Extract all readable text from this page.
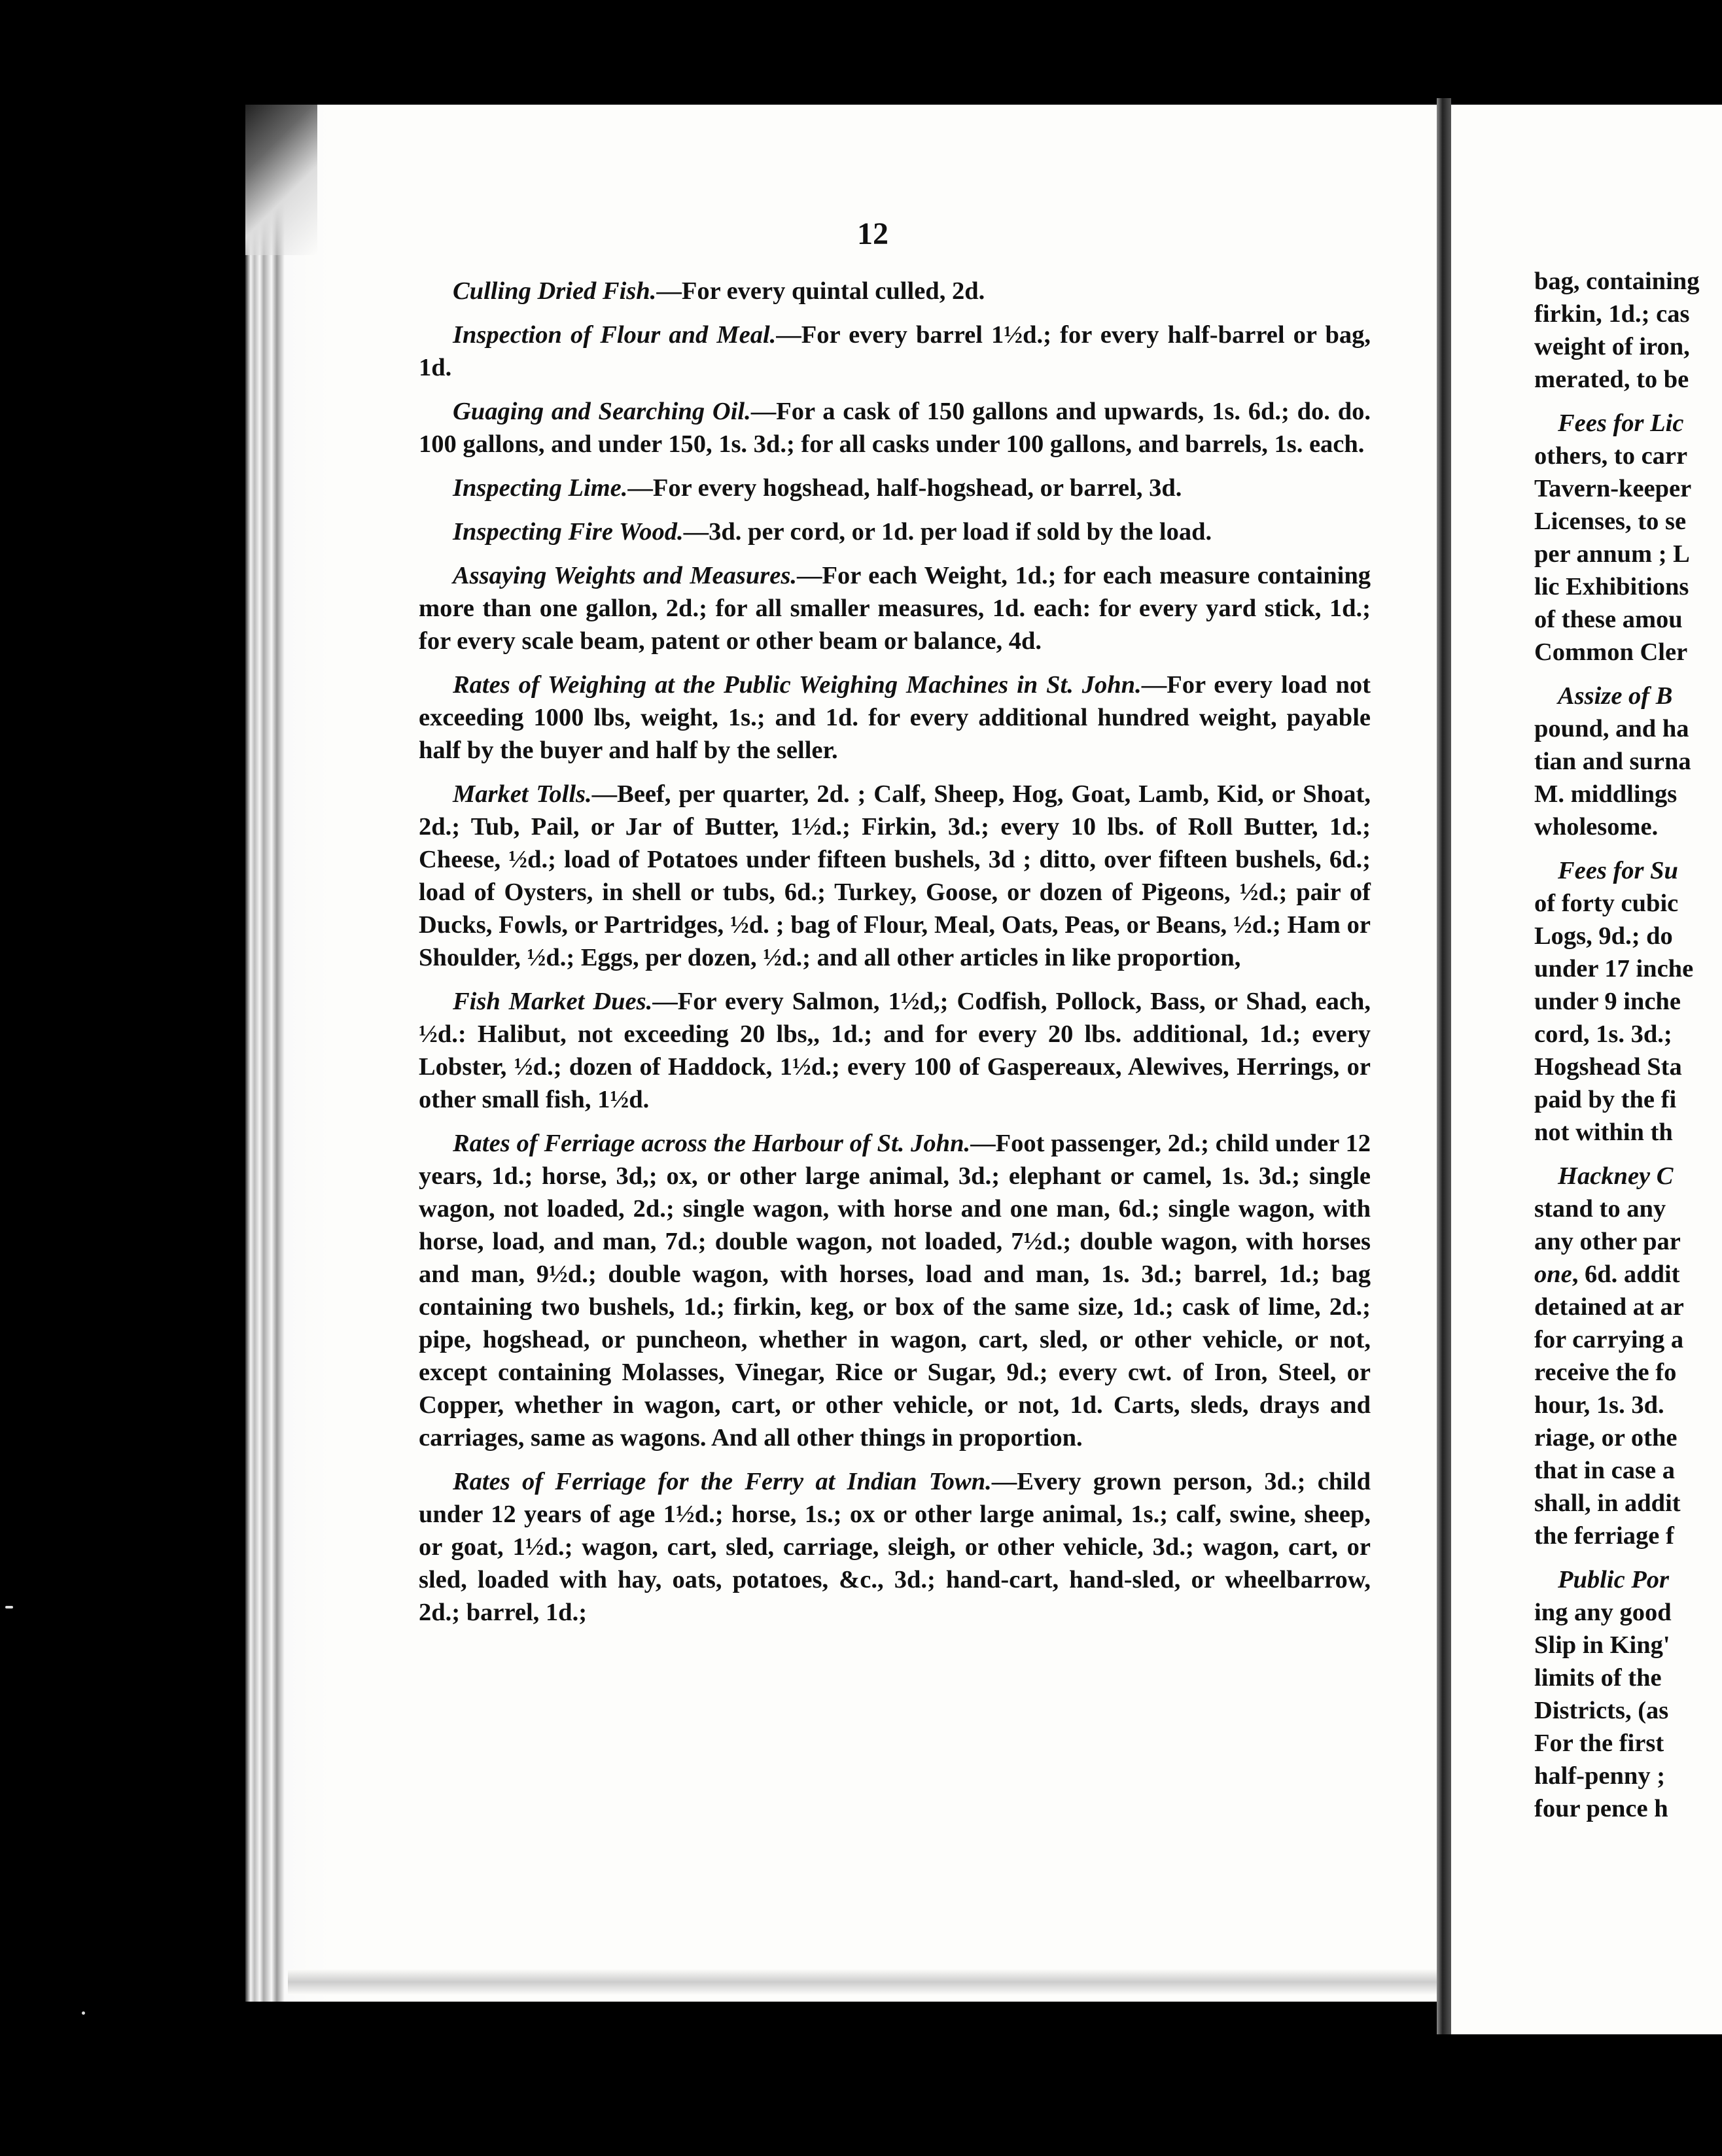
12

Culling Dried Fish.—For every quintal culled, 2d.

Inspection of Flour and Meal.—For every barrel 1½d.; for every half-barrel or bag, 1d.

Guaging and Searching Oil.—For a cask of 150 gallons and upwards, 1s. 6d.; do. do. 100 gallons, and under 150, 1s. 3d.; for all casks under 100 gallons, and barrels, 1s. each.

Inspecting Lime.—For every hogshead, half-hogshead, or barrel, 3d.

Inspecting Fire Wood.—3d. per cord, or 1d. per load if sold by the load.

Assaying Weights and Measures.—For each Weight, 1d.; for each measure containing more than one gallon, 2d.; for all smaller measures, 1d. each: for every yard stick, 1d.; for every scale beam, patent or other beam or balance, 4d.

Rates of Weighing at the Public Weighing Machines in St. John.—For every load not exceeding 1000 lbs, weight, 1s.; and 1d. for every additional hundred weight, payable half by the buyer and half by the seller.

Market Tolls.—Beef, per quarter, 2d. ; Calf, Sheep, Hog, Goat, Lamb, Kid, or Shoat, 2d.; Tub, Pail, or Jar of Butter, 1½d.; Firkin, 3d.; every 10 lbs. of Roll Butter, 1d.; Cheese, ½d.; load of Potatoes under fifteen bushels, 3d ; ditto, over fifteen bushels, 6d.; load of Oysters, in shell or tubs, 6d.; Turkey, Goose, or dozen of Pigeons, ½d.; pair of Ducks, Fowls, or Partridges, ½d. ; bag of Flour, Meal, Oats, Peas, or Beans, ½d.; Ham or Shoulder, ½d.; Eggs, per dozen, ½d.; and all other articles in like proportion,

Fish Market Dues.—For every Salmon, 1½d,; Codfish, Pollock, Bass, or Shad, each, ½d.: Halibut, not exceeding 20 lbs,, 1d.; and for every 20 lbs. additional, 1d.; every Lobster, ½d.; dozen of Haddock, 1½d.; every 100 of Gaspereaux, Alewives, Herrings, or other small fish, 1½d.

Rates of Ferriage across the Harbour of St. John.—Foot passenger, 2d.; child under 12 years, 1d.; horse, 3d,; ox, or other large animal, 3d.; elephant or camel, 1s. 3d.; single wagon, not loaded, 2d.; single wagon, with horse and one man, 6d.; single wagon, with horse, load, and man, 7d.; double wagon, not loaded, 7½d.; double wagon, with horses and man, 9½d.; double wagon, with horses, load and man, 1s. 3d.; barrel, 1d.; bag containing two bushels, 1d.; firkin, keg, or box of the same size, 1d.; cask of lime, 2d.; pipe, hogshead, or puncheon, whether in wagon, cart, sled, or other vehicle, or not, except containing Molasses, Vinegar, Rice or Sugar, 9d.; every cwt. of Iron, Steel, or Copper, whether in wagon, cart, or other vehicle, or not, 1d. Carts, sleds, drays and carriages, same as wagons. And all other things in proportion.

Rates of Ferriage for the Ferry at Indian Town.—Every grown person, 3d.; child under 12 years of age 1½d.; horse, 1s.; ox or other large animal, 1s.; calf, swine, sheep, or goat, 1½d.; wagon, cart, sled, carriage, sleigh, or other vehicle, 3d.; wagon, cart, or sled, loaded with hay, oats, potatoes, &c., 3d.; hand-cart, hand-sled, or wheelbarrow, 2d.; barrel, 1d.;

bag, containing
firkin, 1d.; cas
weight of iron,
merated, to be
Fees for Lic
others, to carr
Tavern-keeper
Licenses, to se
per annum ; L
lic Exhibitions
of these amou
Common Cler
Assize of B
pound, and ha
tian and surna
M. middlings
wholesome.
Fees for Su
of forty cubic
Logs, 9d.; do
under 17 inche
under 9 inche
cord, 1s. 3d.;
Hogshead Sta
paid by the fi
not within th
Hackney C
stand to any
any other par
one, 6d. addit
detained at ar
for carrying a
receive the fo
hour, 1s. 3d.
riage, or othe
that in case a
shall, in addit
the ferriage f
Public Por
ing any good
Slip in King'
limits of the
Districts, (as
For the first
half-penny ;
four pence h
